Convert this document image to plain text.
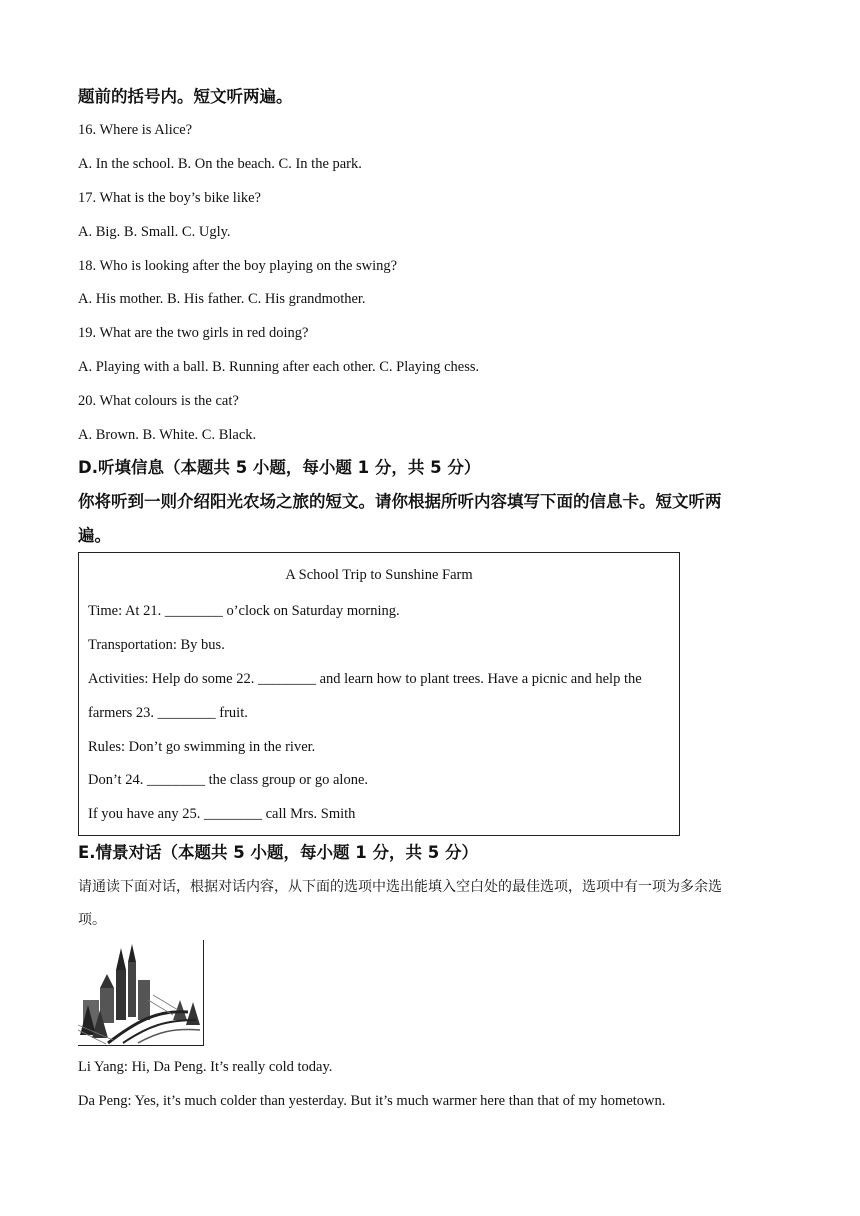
题前的括号内。短文听两遍。
16. Where is Alice?
A. In the school. B. On the beach. C. In the park.
17. What is the boy’s bike like?
A. Big. B. Small. C. Ugly.
18. Who is looking after the boy playing on the swing?
A. His mother. B. His father. C. His grandmother.
19. What are the two girls in red doing?
A. Playing with a ball. B. Running after each other. C. Playing chess.
20. What colours is the cat?
A. Brown. B. White. C. Black.
D.听填信息（本题共 5 小题，每小题 1 分，共 5 分）
你将听到一则介绍阳光农场之旅的短文。请你根据所听内容填写下面的信息卡。短文听两
遍。
A School Trip to Sunshine Farm
Time: At 21. ________ o’clock on Saturday morning.
Transportation: By bus.
Activities: Help do some 22. ________ and learn how to plant trees. Have a picnic and help the
farmers 23. ________ fruit.
Rules: Don’t go swimming in the river.
Don’t 24. ________ the class group or go alone.
If you have any 25. ________ call Mrs. Smith
E.情景对话（本题共 5 小题，每小题 1 分，共 5 分）
请通读下面对话，根据对话内容，从下面的选项中选出能填入空白处的最佳选项，选项中有一项为多余选
项。
Li Yang: Hi, Da Peng. It’s really cold today.
Da Peng: Yes, it’s much colder than yesterday. But it’s much warmer here than that of my hometown.
